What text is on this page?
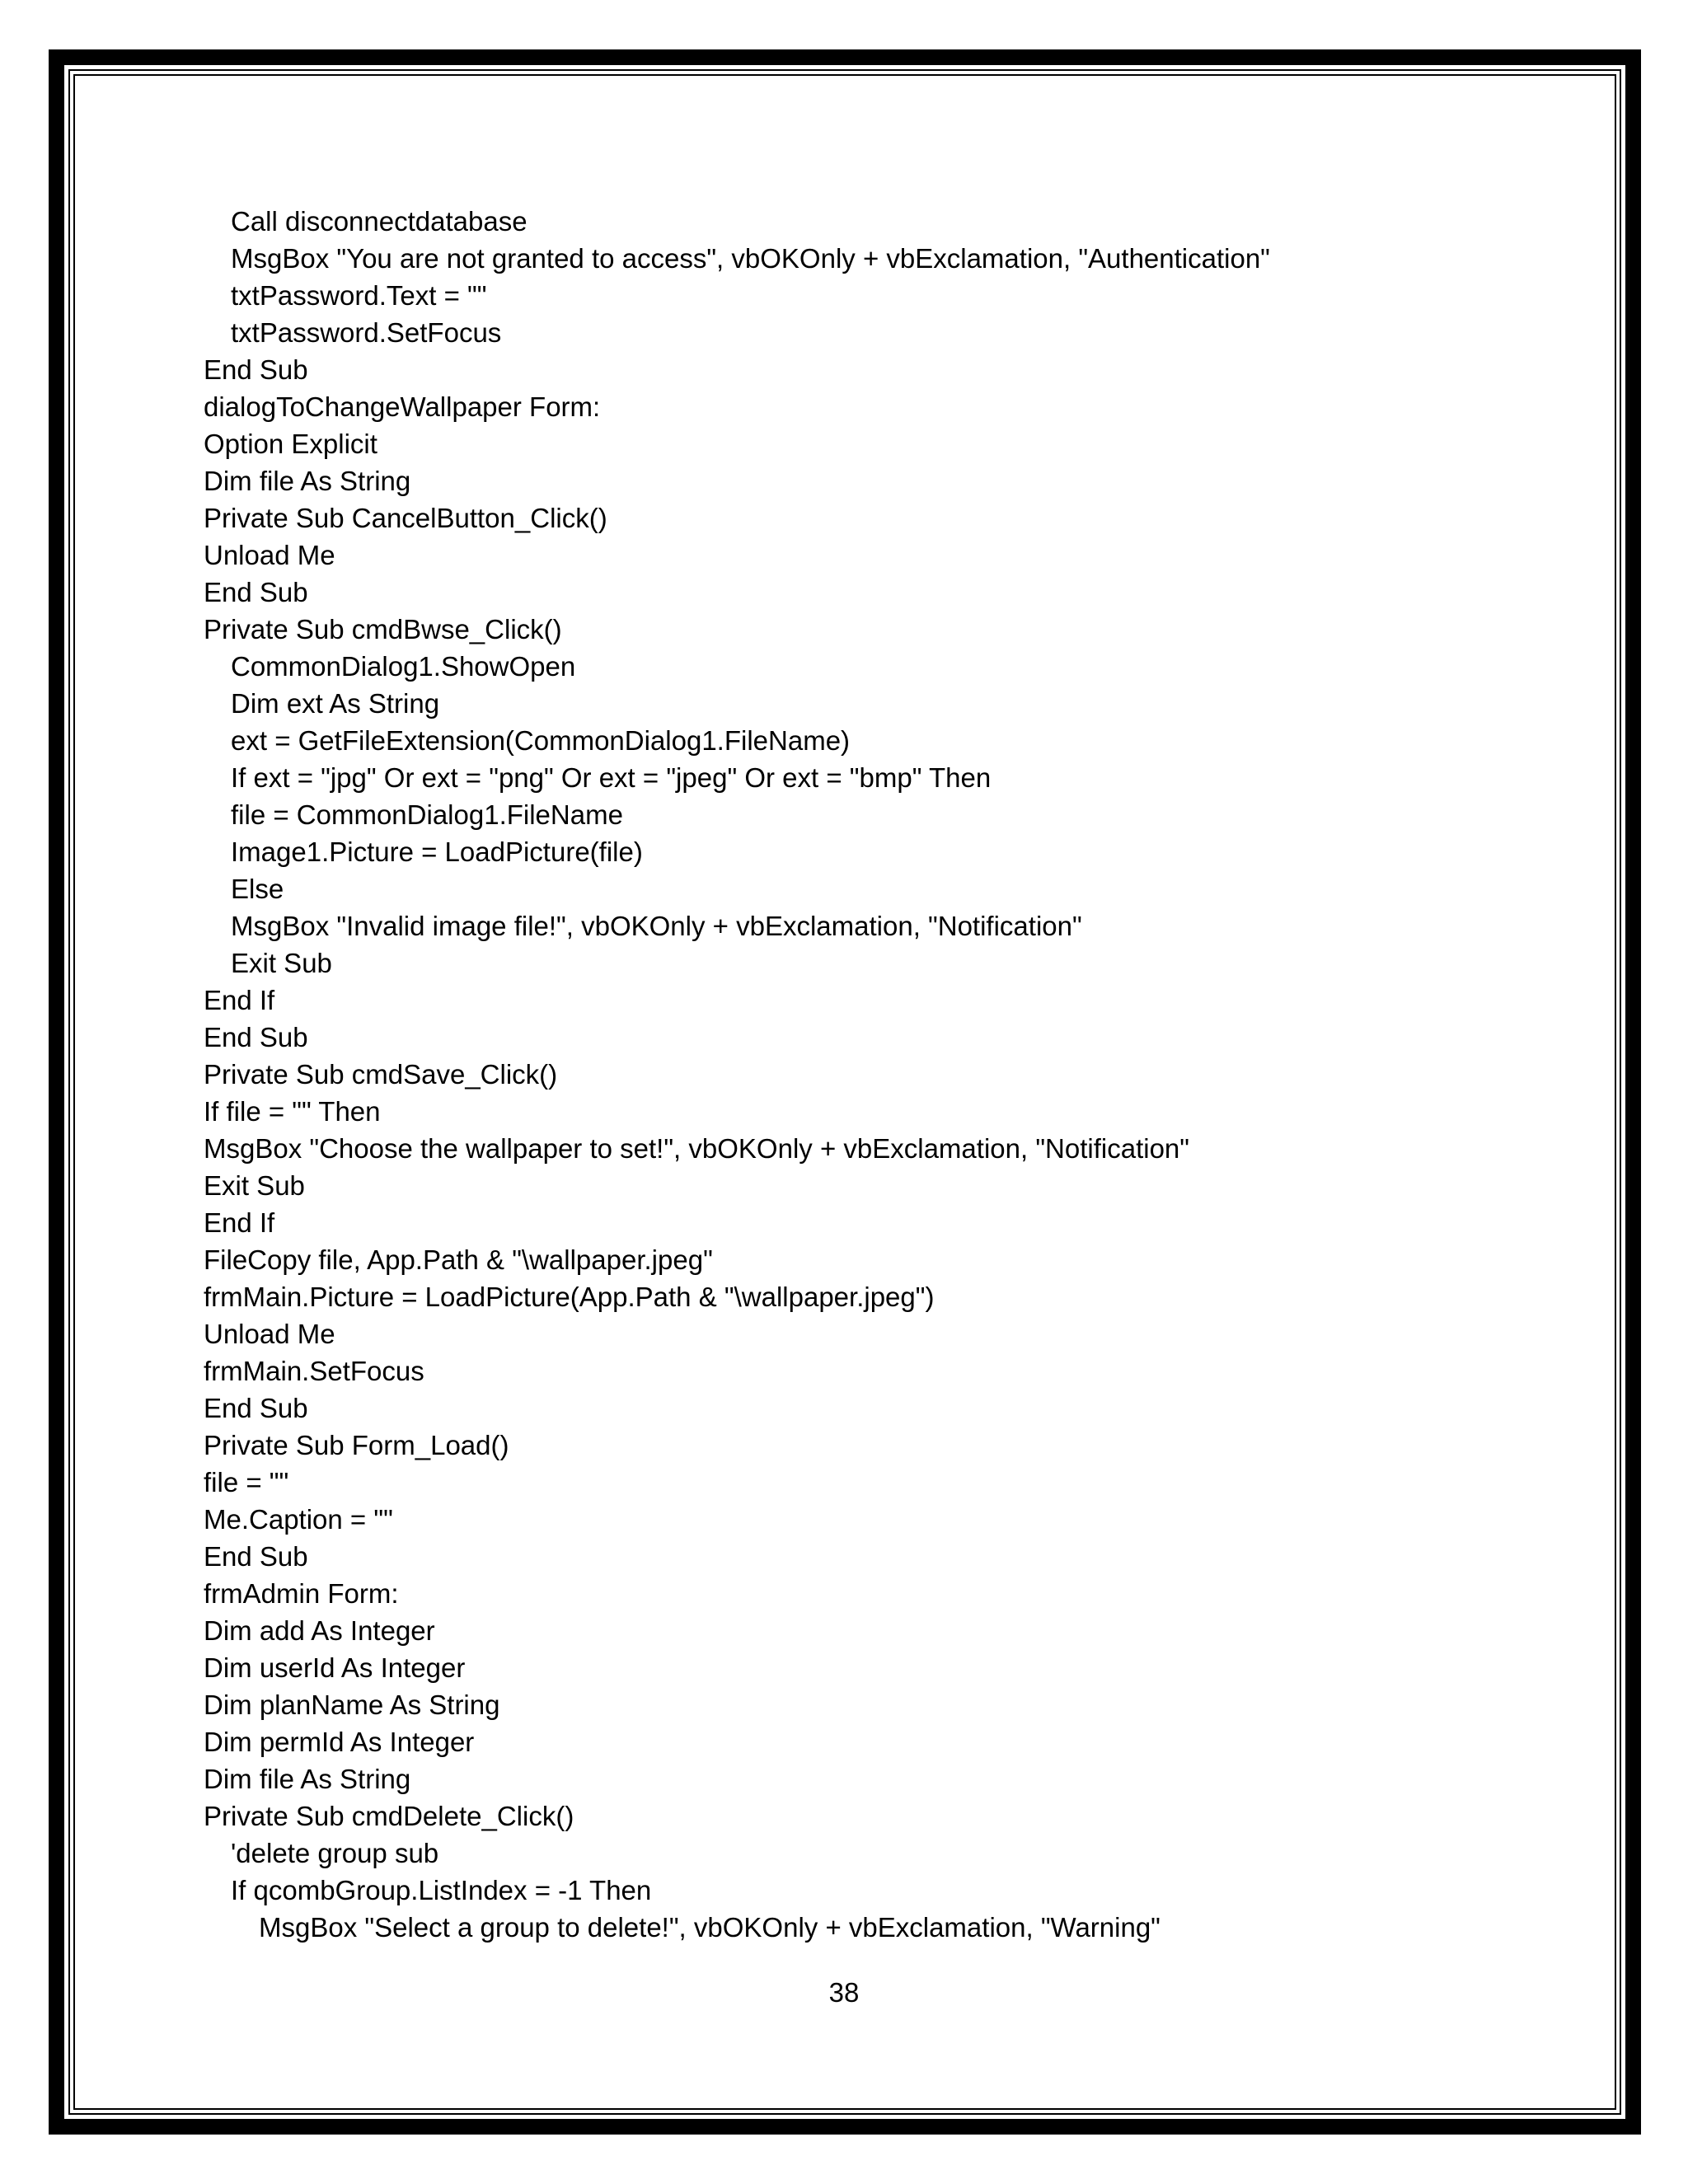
Call disconnectdatabase
MsgBox "You are not granted to access", vbOKOnly + vbExclamation, "Authentication"
txtPassword.Text = ""
txtPassword.SetFocus
End Sub
dialogToChangeWallpaper Form:
Option Explicit
Dim file As String
Private Sub CancelButton_Click()
Unload Me
End Sub
Private Sub cmdBwse_Click()
CommonDialog1.ShowOpen
Dim ext As String
ext = GetFileExtension(CommonDialog1.FileName)
If ext = "jpg" Or ext = "png" Or ext = "jpeg" Or ext = "bmp" Then
file = CommonDialog1.FileName
Image1.Picture = LoadPicture(file)
Else
MsgBox "Invalid image file!", vbOKOnly + vbExclamation, "Notification"
Exit Sub
End If
End Sub
Private Sub cmdSave_Click()
If file = "" Then
MsgBox "Choose the wallpaper to set!", vbOKOnly + vbExclamation, "Notification"
Exit Sub
End If
FileCopy file, App.Path & "\wallpaper.jpeg"
frmMain.Picture = LoadPicture(App.Path & "\wallpaper.jpeg")
Unload Me
frmMain.SetFocus
End Sub
Private Sub Form_Load()
file = ""
Me.Caption = ""
End Sub
frmAdmin Form:
Dim add As Integer
Dim userId As Integer
Dim planName As String
Dim permId As Integer
Dim file As String
Private Sub cmdDelete_Click()
'delete group sub
If qcombGroup.ListIndex = -1 Then
MsgBox "Select a group to delete!", vbOKOnly + vbExclamation, "Warning"
38
